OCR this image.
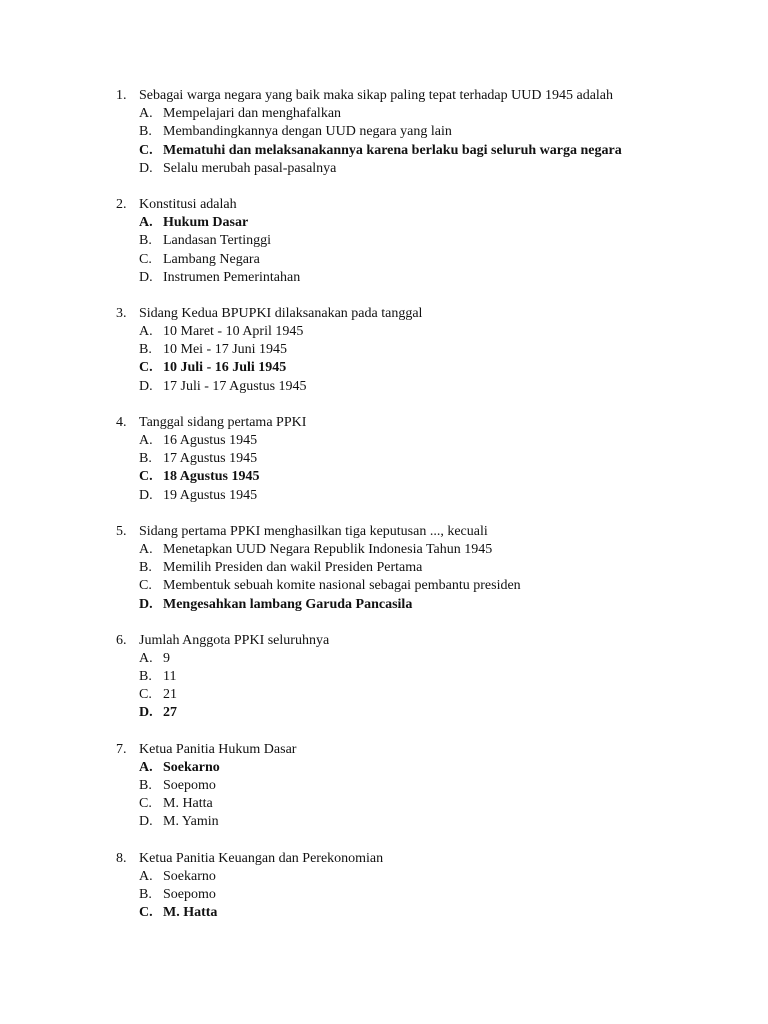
1. Sebagai warga negara yang baik maka sikap paling tepat terhadap UUD 1945 adalah
A. Mempelajari dan menghafalkan
B. Membandingkannya dengan UUD negara yang lain
C. Mematuhi dan melaksanakannya karena berlaku bagi seluruh warga negara
D. Selalu merubah pasal-pasalnya
2. Konstitusi adalah
A. Hukum Dasar
B. Landasan Tertinggi
C. Lambang Negara
D. Instrumen Pemerintahan
3. Sidang Kedua BPUPKI dilaksanakan pada tanggal
A. 10 Maret - 10 April 1945
B. 10 Mei - 17 Juni 1945
C. 10 Juli - 16 Juli 1945
D. 17 Juli - 17 Agustus 1945
4. Tanggal sidang pertama PPKI
A. 16 Agustus 1945
B. 17 Agustus 1945
C. 18 Agustus 1945
D. 19 Agustus 1945
5. Sidang pertama PPKI menghasilkan tiga keputusan ..., kecuali
A. Menetapkan UUD Negara Republik Indonesia Tahun 1945
B. Memilih Presiden dan wakil Presiden Pertama
C. Membentuk sebuah komite nasional sebagai pembantu presiden
D. Mengesahkan lambang Garuda Pancasila
6. Jumlah Anggota PPKI seluruhnya
A. 9
B. 11
C. 21
D. 27
7. Ketua Panitia Hukum Dasar
A. Soekarno
B. Soepomo
C. M. Hatta
D. M. Yamin
8. Ketua Panitia Keuangan dan Perekonomian
A. Soekarno
B. Soepomo
C. M. Hatta
